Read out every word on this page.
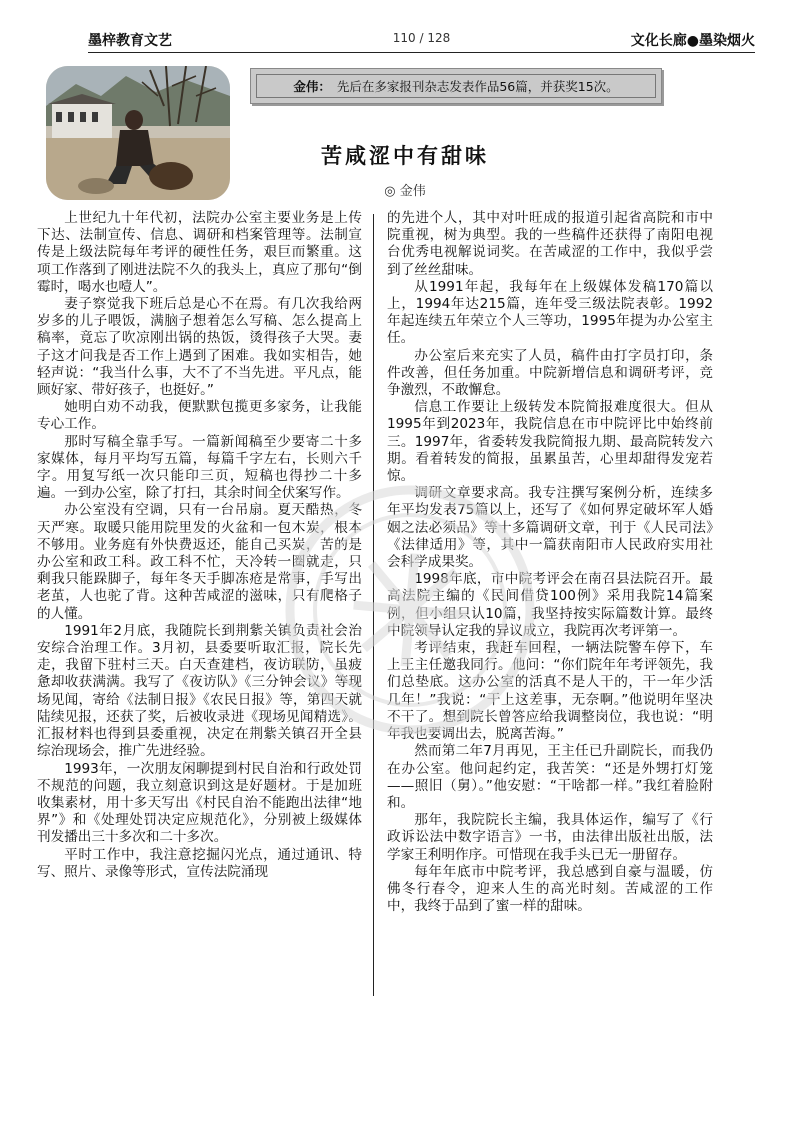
墨梓教育文艺	110 / 128	文化长廊●墨染烟火
金伟： 先后在多家报刊杂志发表作品56篇，并获奖15次。
苦咸涩中有甜味
◎ 金伟

上世纪九十年代初，法院办公室主要业务是上传下达、法制宣传、信息、调研和档案管理等。法制宣传是上级法院每年考评的硬性任务，艰巨而繁重。这项工作落到了刚进法院不久的我头上，真应了那句“倒霉时，喝水也噎人”。

妻子察觉我下班后总是心不在焉。有几次我给两岁多的儿子喂饭，满脑子想着怎么写稿、怎么提高上稿率，竟忘了吹凉刚出锅的热饭，烫得孩子大哭。妻子这才问我是否工作上遇到了困难。我如实相告，她轻声说：“我当什么事，大不了不当先进。平凡点，能顾好家、带好孩子，也挺好。”

她明白劝不动我，便默默包揽更多家务，让我能专心工作。

那时写稿全靠手写。一篇新闻稿至少要寄二十多家媒体，每月平均写五篇，每篇千字左右，长则六千字。用复写纸一次只能印三页，短稿也得抄二十多遍。一到办公室，除了打扫，其余时间全伏案写作。

办公室没有空调，只有一台吊扇。夏天酷热，冬天严寒。取暖只能用院里发的火盆和一包木炭，根本不够用。业务庭有外快费返还，能自己买炭，苦的是办公室和政工科。政工科不忙，天冷转一圈就走，只剩我只能跺脚子，每年冬天手脚冻疮是常事，手写出老茧，人也驼了背。这种苦咸涩的滋味，只有爬格子的人懂。

1991年2月底，我随院长到荆紫关镇负责社会治安综合治理工作。3月初，县委要听取汇报，院长先走，我留下驻村三天。白天查建档，夜访联防，虽疲惫却收获满满。我写了《夜访队》《三分钟会议》等现场见闻，寄给《法制日报》《农民日报》等，第四天就陆续见报，还获了奖，后被收录进《现场见闻精选》。汇报材料也得到县委重视，决定在荆紫关镇召开全县综治现场会，推广先进经验。

1993年，一次朋友闲聊提到村民自治和行政处罚不规范的问题，我立刻意识到这是好题材。于是加班收集素材，用十多天写出《村民自治不能跑出法律“地界”》和《处理处罚决定应规范化》，分别被上级媒体刊发播出三十多次和二十多次。

平时工作中，我注意挖掘闪光点，通过通讯、特写、照片、录像等形式，宣传法院涌现

的先进个人，其中对叶旺成的报道引起省高院和市中院重视，树为典型。我的一些稿件还获得了南阳电视台优秀电视解说词奖。在苦咸涩的工作中，我似乎尝到了丝丝甜味。

从1991年起，我每年在上级媒体发稿170篇以上，1994年达215篇，连年受三级法院表彰。1992年起连续五年荣立个人三等功，1995年提为办公室主任。

办公室后来充实了人员，稿件由打字员打印，条件改善，但任务加重。中院新增信息和调研考评，竞争激烈，不敢懈怠。

信息工作要让上级转发本院简报难度很大。但从1995年到2023年，我院信息在市中院评比中始终前三。1997年，省委转发我院简报九期、最高院转发六期。看着转发的简报，虽累虽苦，心里却甜得发宠若惊。

调研文章要求高。我专注撰写案例分析，连续多年平均发表75篇以上，还写了《如何界定破坏军人婚姻之法必须品》等十多篇调研文章，刊于《人民司法》《法律适用》等，其中一篇获南阳市人民政府实用社会科学成果奖。

1998年底，市中院考评会在南召县法院召开。最高法院主编的《民间借贷100例》采用我院14篇案例，但小组只认10篇，我坚持按实际篇数计算。最终中院领导认定我的异议成立，我院再次考评第一。

考评结束，我赶车回程，一辆法院警车停下，车上王主任邀我同行。他问：“你们院年年考评领先，我们总垫底。这办公室的活真不是人干的，干一年少活几年！”我说：“干上这差事，无奈啊。”他说明年坚决不干了。想到院长曾答应给我调整岗位，我也说：“明年我也要调出去，脱离苦海。”

然而第二年7月再见，王主任已升副院长，而我仍在办公室。他问起约定，我苦笑：“还是外甥打灯笼——照旧（舅）。”他安慰：“干啥都一样。”我红着脸附和。

那年，我院院长主编，我具体运作，编写了《行政诉讼法中数字语言》一书，由法律出版社出版，法学家王利明作序。可惜现在我手头已无一册留存。

每年年底市中院考评，我总感到自豪与温暖，仿佛冬行春令，迎来人生的高光时刻。苦咸涩的工作中，我终于品到了蜜一样的甜味。
